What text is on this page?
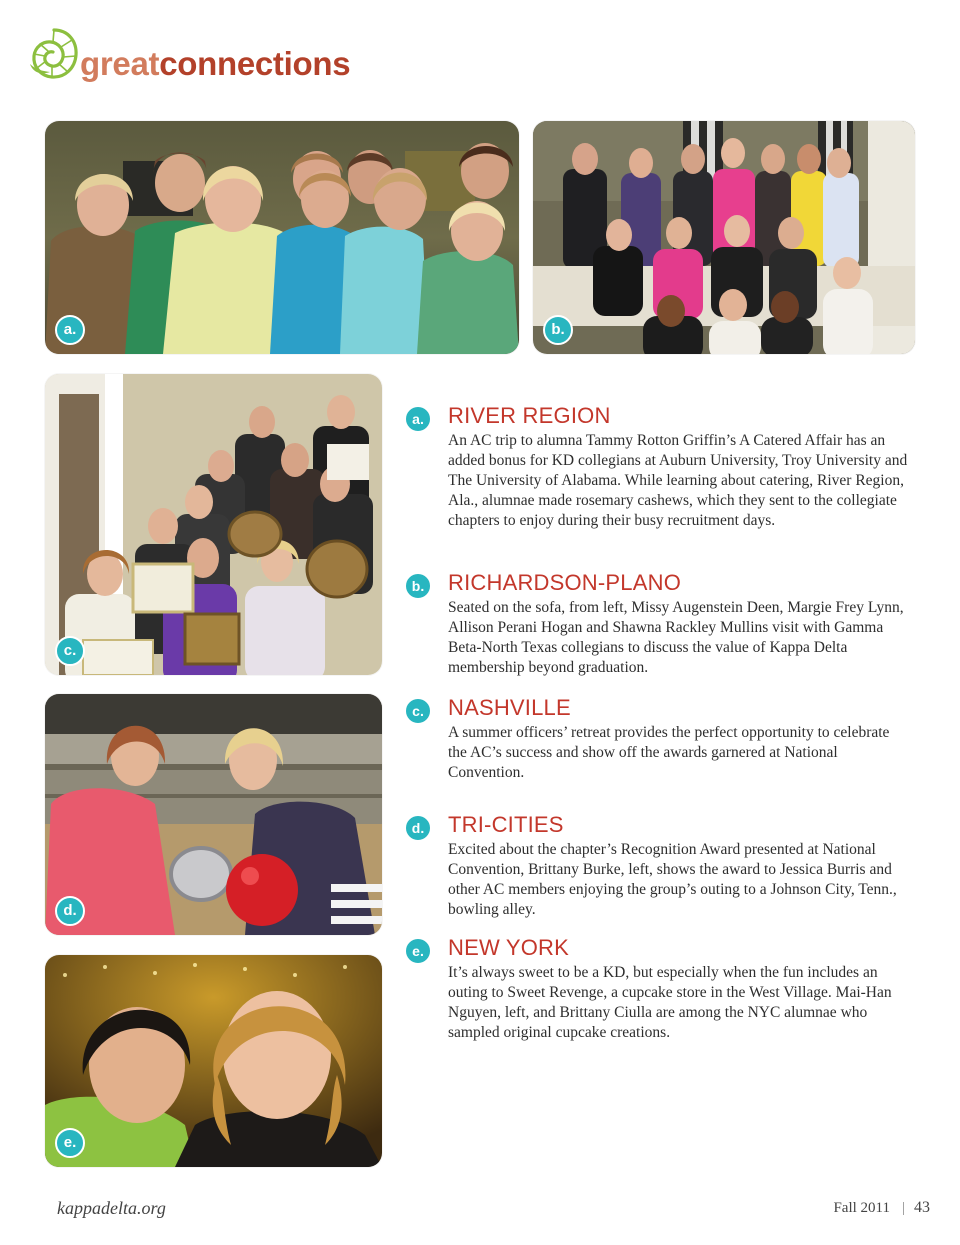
greatconnections
a.	b.
c.
d.
e.
a.	RIVER REGION
An AC trip to alumna Tammy Rotton Griffin’s A Catered Affair has an added bonus for KD collegians at Auburn University, Troy University and The University of Alabama. While learning about catering, River Region, Ala., alumnae made rosemary cashews, which they sent to the collegiate chapters to enjoy during their busy recruitment days.
b.	RICHARDSON-PLANO
Seated on the sofa, from left, Missy Augenstein Deen, Margie Frey Lynn, Allison Perani Hogan and Shawna Rackley Mullins visit with Gamma Beta-North Texas collegians to discuss the value of Kappa Delta membership beyond graduation.
c.	NASHVILLE
A summer officers’ retreat provides the perfect opportunity to celebrate the AC’s success and show off the awards garnered at National Convention.
d.	TRI-CITIES
Excited about the chapter’s Recognition Award presented at National Convention, Brittany Burke, left, shows the award to Jessica Burris and other AC members enjoying the group’s outing to a Johnson City, Tenn., bowling alley.
e.	NEW YORK
It’s always sweet to be a KD, but especially when the fun includes an outing to Sweet Revenge, a cupcake store in the West Village. Mai-Han Nguyen, left, and Brittany Ciulla are among the NYC alumnae who sampled original cupcake creations.
kappadelta.org	Fall 2011 | 43
